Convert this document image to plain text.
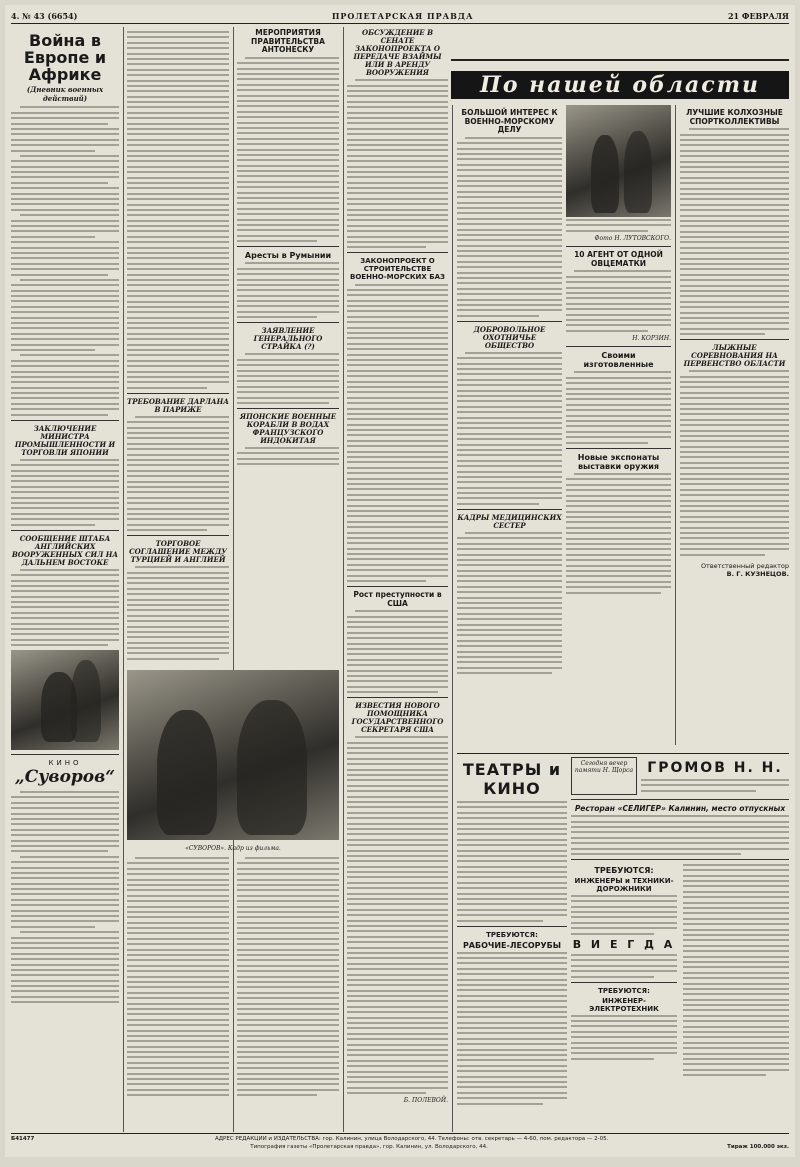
4. № 43 (6654)	ПРОЛЕТАРСКАЯ ПРАВДА	21 ФЕВРАЛЯ
Война в Европе и Африке
(Дневник военных действий)
ЗАКЛЮЧЕНИЕ МИНИСТРА ПРОМЫШЛЕННОСТИ И ТОРГОВЛИ ЯПОНИИ
СООБЩЕНИЕ ШТАБА АНГЛИЙСКИХ ВООРУЖЕННЫХ СИЛ НА ДАЛЬНЕМ ВОСТОКЕ
КИНО
„Суворов“
ТРЕБОВАНИЕ ДАРЛАНА В ПАРИЖЕ
ТОРГОВОЕ СОГЛАШЕНИЕ МЕЖДУ ТУРЦИЕЙ И АНГЛИЕЙ
МЕРОПРИЯТИЯ ПРАВИТЕЛЬСТВА АНТОНЕСКУ
Аресты в Румынии
ЗАЯВЛЕНИЕ ГЕНЕРАЛЬНОГО СТРАЙКА (?)
ЯПОНСКИЕ ВОЕННЫЕ КОРАБЛИ В ВОДАХ ФРАНЦУЗСКОГО ИНДОКИТАЯ
«СУВОРОВ». Кадр из фильма.
ОБСУЖДЕНИЕ В СЕНАТЕ ЗАКОНОПРОЕКТА О ПЕРЕДАЧЕ ВЗАЙМЫ ИЛИ В АРЕНДУ ВООРУЖЕНИЯ
ЗАКОНОПРОЕКТ О СТРОИТЕЛЬСТВЕ ВОЕННО-МОРСКИХ БАЗ
Рост преступности в США
ИЗВЕСТИЯ НОВОГО ПОМОЩНИКА ГОСУДАРСТВЕННОГО СЕКРЕТАРЯ США
Б. ПОЛЕВОЙ.
По нашей области
БОЛЬШОЙ ИНТЕРЕС К ВОЕННО-МОРСКОМУ ДЕЛУ
ДОБРОВОЛЬНОЕ ОХОТНИЧЬЕ ОБЩЕСТВО
КАДРЫ МЕДИЦИНСКИХ СЕСТЕР
Фото Н. ЛУТОВСКОГО.
10 АГЕНТ ОТ ОДНОЙ ОВЦЕМАТКИ
Н. КОРЗИН.
Своими изготовленные
Новые экспонаты выставки оружия
ЛУЧШИЕ КОЛХОЗНЫЕ СПОРТКОЛЛЕКТИВЫ
ЛЫЖНЫЕ СОРЕВНОВАНИЯ НА ПЕРВЕНСТВО ОБЛАСТИ
Ответственный редактор
В. Г. КУЗНЕЦОВ.
ТЕАТРЫ и КИНО
ТРЕБУЮТСЯ:
РАБОЧИЕ-ЛЕСОРУБЫ
Сегодня вечер памяти Н. Щорса	ГРОМОВ Н. Н.
Ресторан «СЕЛИГЕР» Калинин, место отпускных
ТРЕБУЮТСЯ:
ИНЖЕНЕРЫ и ТЕХНИКИ-ДОРОЖНИКИ
В И Е Г Д А
ТРЕБУЮТСЯ:
ИНЖЕНЕР-ЭЛЕКТРОТЕХНИК
Б41477	АДРЕС РЕДАКЦИИ и ИЗДАТЕЛЬСТВА: гор. Калинин, улица Володарского, 44. Телефоны: отв. секретарь — 4-60, пом. редактора — 2-05.
Типография газеты «Пролетарская правда», гор. Калинин, ул. Володарского, 44.	Тираж 100.000 экз.
